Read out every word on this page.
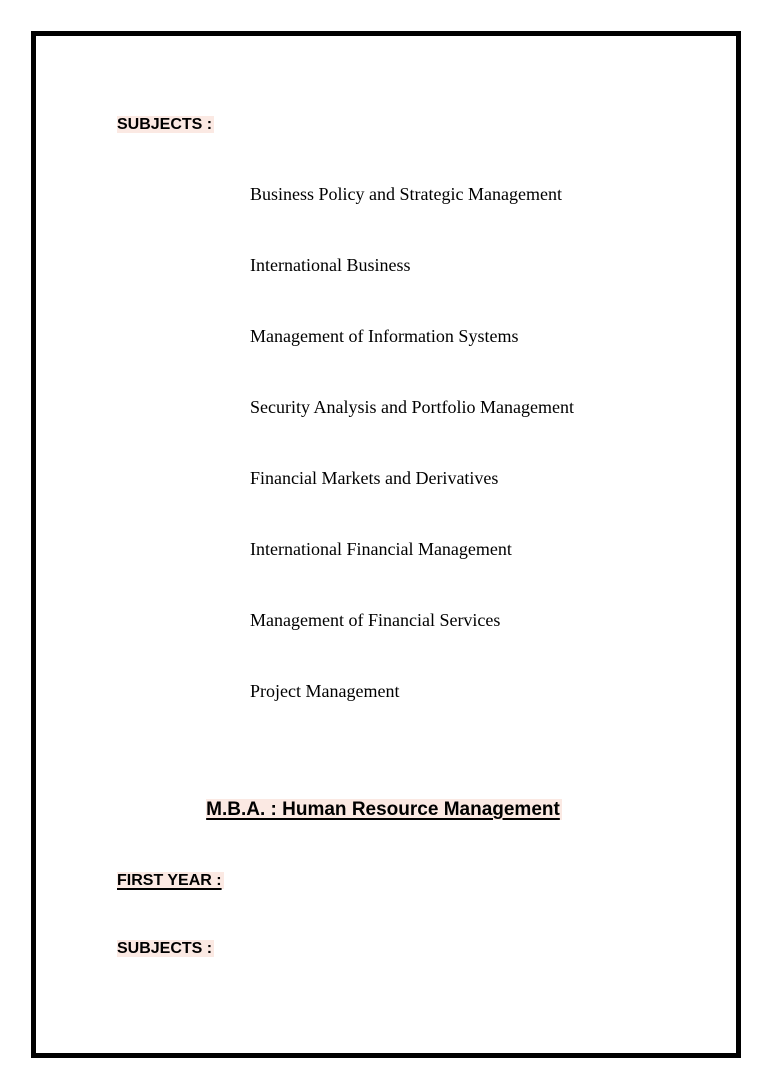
SUBJECTS :
Business Policy and Strategic Management
International Business
Management of Information Systems
Security Analysis and Portfolio Management
Financial Markets and Derivatives
International Financial Management
Management of Financial Services
Project Management
M.B.A. : Human Resource Management
FIRST YEAR :
SUBJECTS :
